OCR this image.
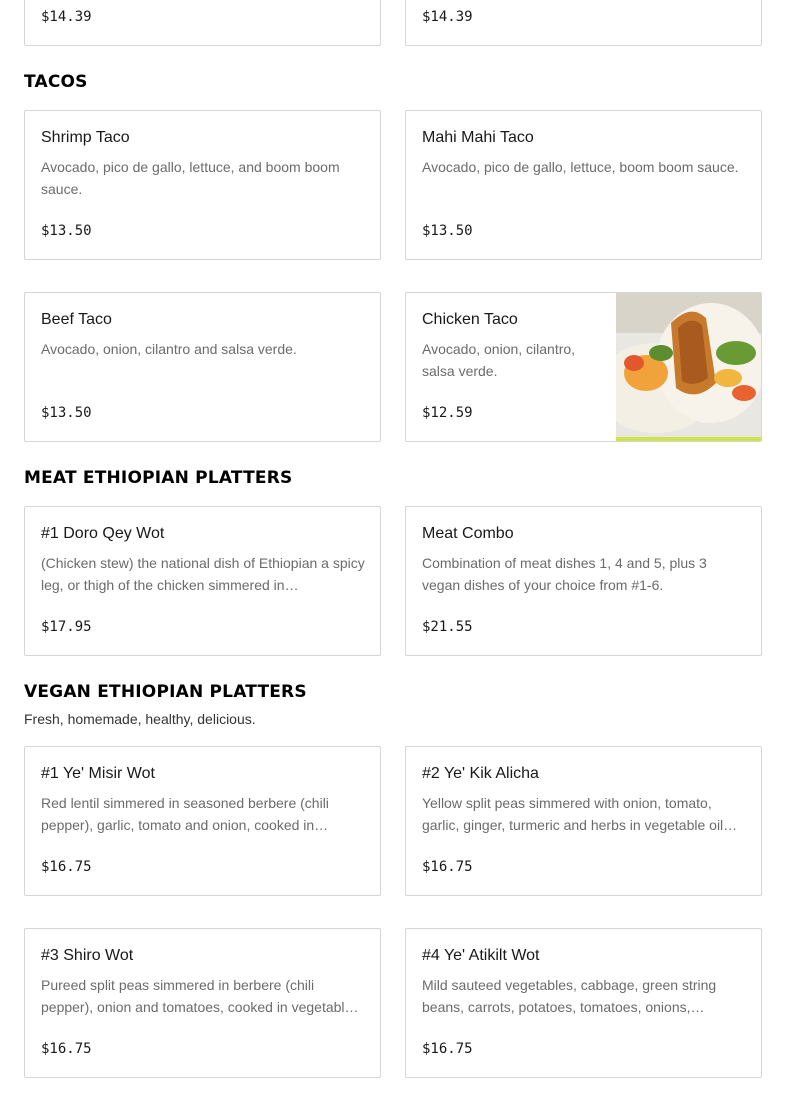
$14.39	$14.39
TACOS
Shrimp Taco
Avocado, pico de gallo, lettuce, and boom boom sauce.
$13.50
Mahi Mahi Taco
Avocado, pico de gallo, lettuce, boom boom sauce.
$13.50
Beef Taco
Avocado, onion, cilantro and salsa verde.
$13.50
Chicken Taco
Avocado, onion, cilantro, salsa verde.
$12.59
MEAT ETHIOPIAN PLATTERS
#1 Doro Qey Wot
(Chicken stew) the national dish of Ethiopian a spicy leg, or thigh of the chicken simmered in…
$17.95
Meat Combo
Combination of meat dishes 1, 4 and 5, plus 3 vegan dishes of your choice from #1-6.
$21.55
VEGAN ETHIOPIAN PLATTERS
Fresh, homemade, healthy, delicious.
#1 Ye' Misir Wot
Red lentil simmered in seasoned berbere (chili pepper), garlic, tomato and onion, cooked in…
$16.75
#2 Ye' Kik Alicha
Yellow split peas simmered with onion, tomato, garlic, ginger, turmeric and herbs in vegetable oil…
$16.75
#3 Shiro Wot
Pureed split peas simmered in berbere (chili pepper), onion and tomatoes, cooked in vegetabl…
$16.75
#4 Ye' Atikilt Wot
Mild sauteed vegetables, cabbage, green string beans, carrots, potatoes, tomatoes, onions,…
$16.75
